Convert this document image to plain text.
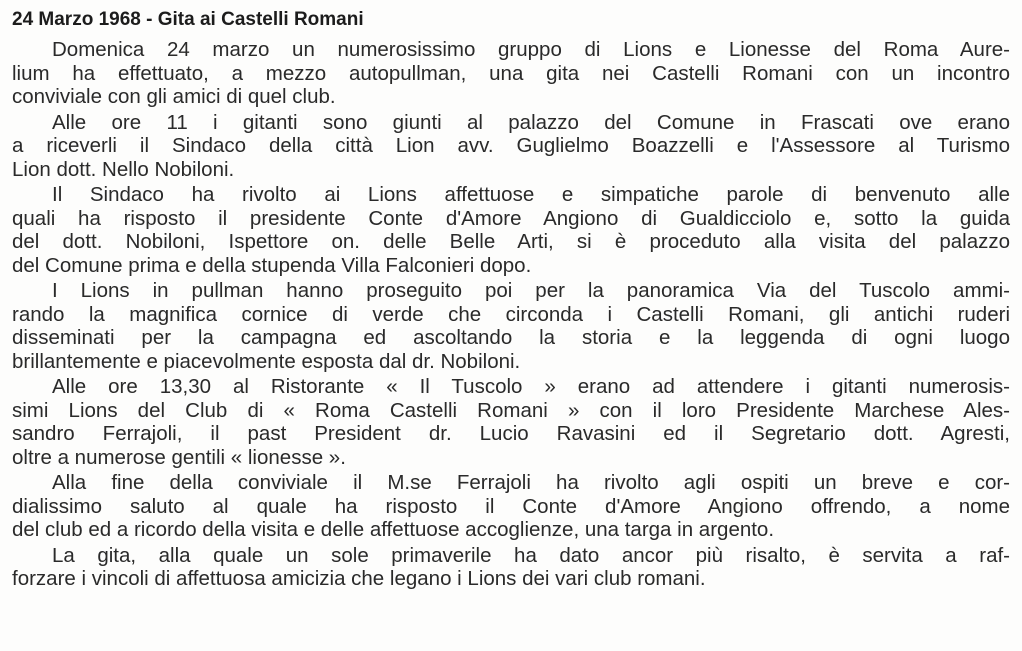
24 Marzo 1968 - Gita ai Castelli Romani

Domenica 24 marzo un numerosissimo gruppo di Lions e Lionesse del Roma Aure-
lium ha effettuato, a mezzo autopullman, una gita nei Castelli Romani con un incontro
conviviale con gli amici di quel club.

Alle ore 11 i gitanti sono giunti al palazzo del Comune in Frascati ove erano
a riceverli il Sindaco della città Lion avv. Guglielmo Boazzelli e l'Assessore al Turismo
Lion dott. Nello Nobiloni.

Il Sindaco ha rivolto ai Lions affettuose e simpatiche parole di benvenuto alle
quali ha risposto il presidente Conte d'Amore Angiono di Gualdicciolo e, sotto la guida
del dott. Nobiloni, Ispettore on. delle Belle Arti, si è proceduto alla visita del palazzo
del Comune prima e della stupenda Villa Falconieri dopo.

I Lions in pullman hanno proseguito poi per la panoramica Via del Tuscolo ammi-
rando la magnifica cornice di verde che circonda i Castelli Romani, gli antichi ruderi
disseminati per la campagna ed ascoltando la storia e la leggenda di ogni luogo
brillantemente e piacevolmente esposta dal dr. Nobiloni.

Alle ore 13,30 al Ristorante « Il Tuscolo » erano ad attendere i gitanti numerosis-
simi Lions del Club di « Roma Castelli Romani » con il loro Presidente Marchese Ales-
sandro Ferrajoli, il past President dr. Lucio Ravasini ed il Segretario dott. Agresti,
oltre a numerose gentili « lionesse ».

Alla fine della conviviale il M.se Ferrajoli ha rivolto agli ospiti un breve e cor-
dialissimo saluto al quale ha risposto il Conte d'Amore Angiono offrendo, a nome
del club ed a ricordo della visita e delle affettuose accoglienze, una targa in argento.

La gita, alla quale un sole primaverile ha dato ancor più risalto, è servita a raf-
forzare i vincoli di affettuosa amicizia che legano i Lions dei vari club romani.
